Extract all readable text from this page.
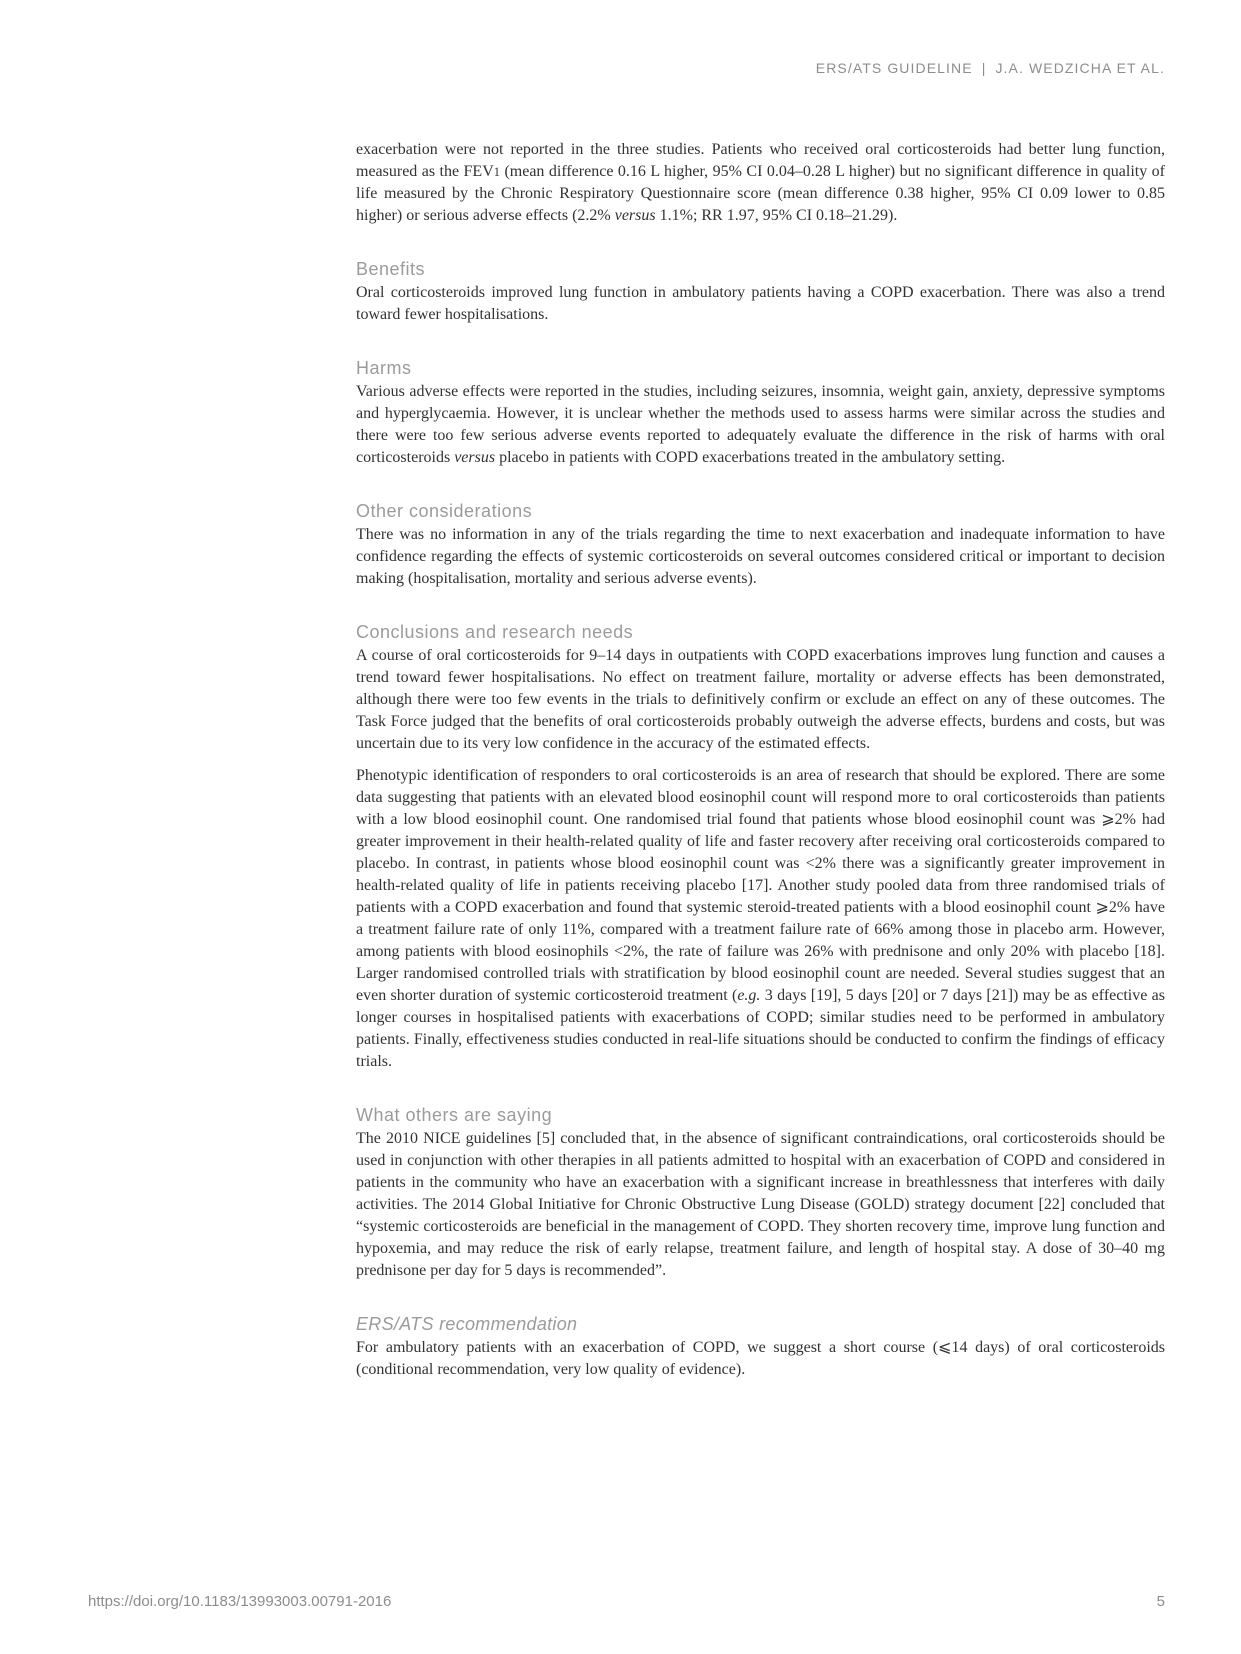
ERS/ATS GUIDELINE | J.A. WEDZICHA ET AL.

exacerbation were not reported in the three studies. Patients who received oral corticosteroids had better lung function, measured as the FEV1 (mean difference 0.16 L higher, 95% CI 0.04–0.28 L higher) but no significant difference in quality of life measured by the Chronic Respiratory Questionnaire score (mean difference 0.38 higher, 95% CI 0.09 lower to 0.85 higher) or serious adverse effects (2.2% versus 1.1%; RR 1.97, 95% CI 0.18–21.29).

Benefits

Oral corticosteroids improved lung function in ambulatory patients having a COPD exacerbation. There was also a trend toward fewer hospitalisations.

Harms

Various adverse effects were reported in the studies, including seizures, insomnia, weight gain, anxiety, depressive symptoms and hyperglycaemia. However, it is unclear whether the methods used to assess harms were similar across the studies and there were too few serious adverse events reported to adequately evaluate the difference in the risk of harms with oral corticosteroids versus placebo in patients with COPD exacerbations treated in the ambulatory setting.

Other considerations

There was no information in any of the trials regarding the time to next exacerbation and inadequate information to have confidence regarding the effects of systemic corticosteroids on several outcomes considered critical or important to decision making (hospitalisation, mortality and serious adverse events).

Conclusions and research needs

A course of oral corticosteroids for 9–14 days in outpatients with COPD exacerbations improves lung function and causes a trend toward fewer hospitalisations. No effect on treatment failure, mortality or adverse effects has been demonstrated, although there were too few events in the trials to definitively confirm or exclude an effect on any of these outcomes. The Task Force judged that the benefits of oral corticosteroids probably outweigh the adverse effects, burdens and costs, but was uncertain due to its very low confidence in the accuracy of the estimated effects.

Phenotypic identification of responders to oral corticosteroids is an area of research that should be explored. There are some data suggesting that patients with an elevated blood eosinophil count will respond more to oral corticosteroids than patients with a low blood eosinophil count. One randomised trial found that patients whose blood eosinophil count was ⩾2% had greater improvement in their health-related quality of life and faster recovery after receiving oral corticosteroids compared to placebo. In contrast, in patients whose blood eosinophil count was <2% there was a significantly greater improvement in health-related quality of life in patients receiving placebo [17]. Another study pooled data from three randomised trials of patients with a COPD exacerbation and found that systemic steroid-treated patients with a blood eosinophil count ⩾2% have a treatment failure rate of only 11%, compared with a treatment failure rate of 66% among those in placebo arm. However, among patients with blood eosinophils <2%, the rate of failure was 26% with prednisone and only 20% with placebo [18]. Larger randomised controlled trials with stratification by blood eosinophil count are needed. Several studies suggest that an even shorter duration of systemic corticosteroid treatment (e.g. 3 days [19], 5 days [20] or 7 days [21]) may be as effective as longer courses in hospitalised patients with exacerbations of COPD; similar studies need to be performed in ambulatory patients. Finally, effectiveness studies conducted in real-life situations should be conducted to confirm the findings of efficacy trials.

What others are saying

The 2010 NICE guidelines [5] concluded that, in the absence of significant contraindications, oral corticosteroids should be used in conjunction with other therapies in all patients admitted to hospital with an exacerbation of COPD and considered in patients in the community who have an exacerbation with a significant increase in breathlessness that interferes with daily activities. The 2014 Global Initiative for Chronic Obstructive Lung Disease (GOLD) strategy document [22] concluded that “systemic corticosteroids are beneficial in the management of COPD. They shorten recovery time, improve lung function and hypoxemia, and may reduce the risk of early relapse, treatment failure, and length of hospital stay. A dose of 30–40 mg prednisone per day for 5 days is recommended”.

ERS/ATS recommendation

For ambulatory patients with an exacerbation of COPD, we suggest a short course (⩽14 days) of oral corticosteroids (conditional recommendation, very low quality of evidence).

https://doi.org/10.1183/13993003.00791-2016	5
